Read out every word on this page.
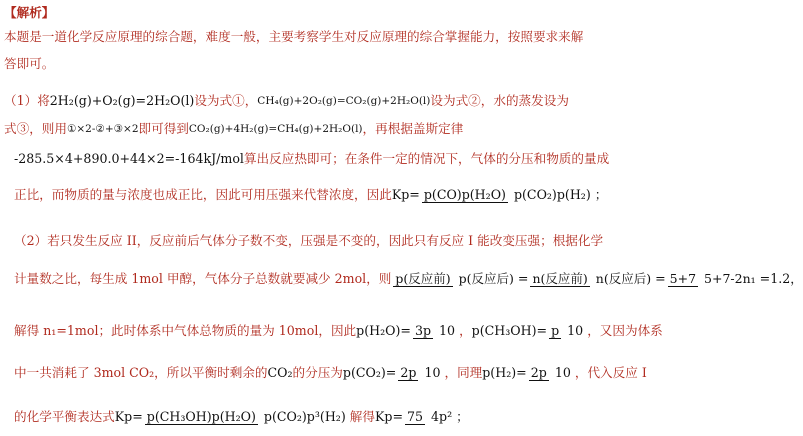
【解析】
本题是一道化学反应原理的综合题，难度一般，主要考察学生对反应原理的综合掌握能力，按照要求来解
答即可。
（1）将 2H₂(g)+O₂(g)=2H₂O(l) 设为式①， CH₄(g)+2O₂(g)=CO₂(g)+2H₂O(l) 设为式②，水的蒸发设为
式③，则用 ①×2-②+③×2 即可得到 CO₂(g)+4H₂(g)=CH₄(g)+2H₂O(l) ，再根据盖斯定律
-285.5×4+890.0+44×2=-164kJ/mol 算出反应热即可；在条件一定的情况下，气体的分压和物质的量成
正比，而物质的量与浓度也成正比，因此可用压强来代替浓度，因此 Kp= p(CO)p(H₂O) p(CO₂)p(H₂) ；
（2）若只发生反应 II，反应前后气体分子数不变，压强是不变的，因此只有反应 I 能改变压强；根据化学
计量数之比，每生成 1mol 甲醇，气体分子总数就要减少 2mol，则 p(反应前) p(反应后) = n(反应前) n(反应后) = 5+7 5+7-2n₁ =1.2，
解得 n₁=1mol；此时体系中气体总物质的量为 10mol，因此 p(H₂O)= 3p 10 ， p(CH₃OH)= p 10 ，又因为体系
中一共消耗了 3mol CO₂，所以平衡时剩余的 CO₂ 的分压为 p(CO₂)= 2p 10 ，同理 p(H₂)= 2p 10 ，代入反应 I
的化学平衡表达式 Kp= p(CH₃OH)p(H₂O) p(CO₂)p³(H₂) 解得 Kp= 75 4p² ；
